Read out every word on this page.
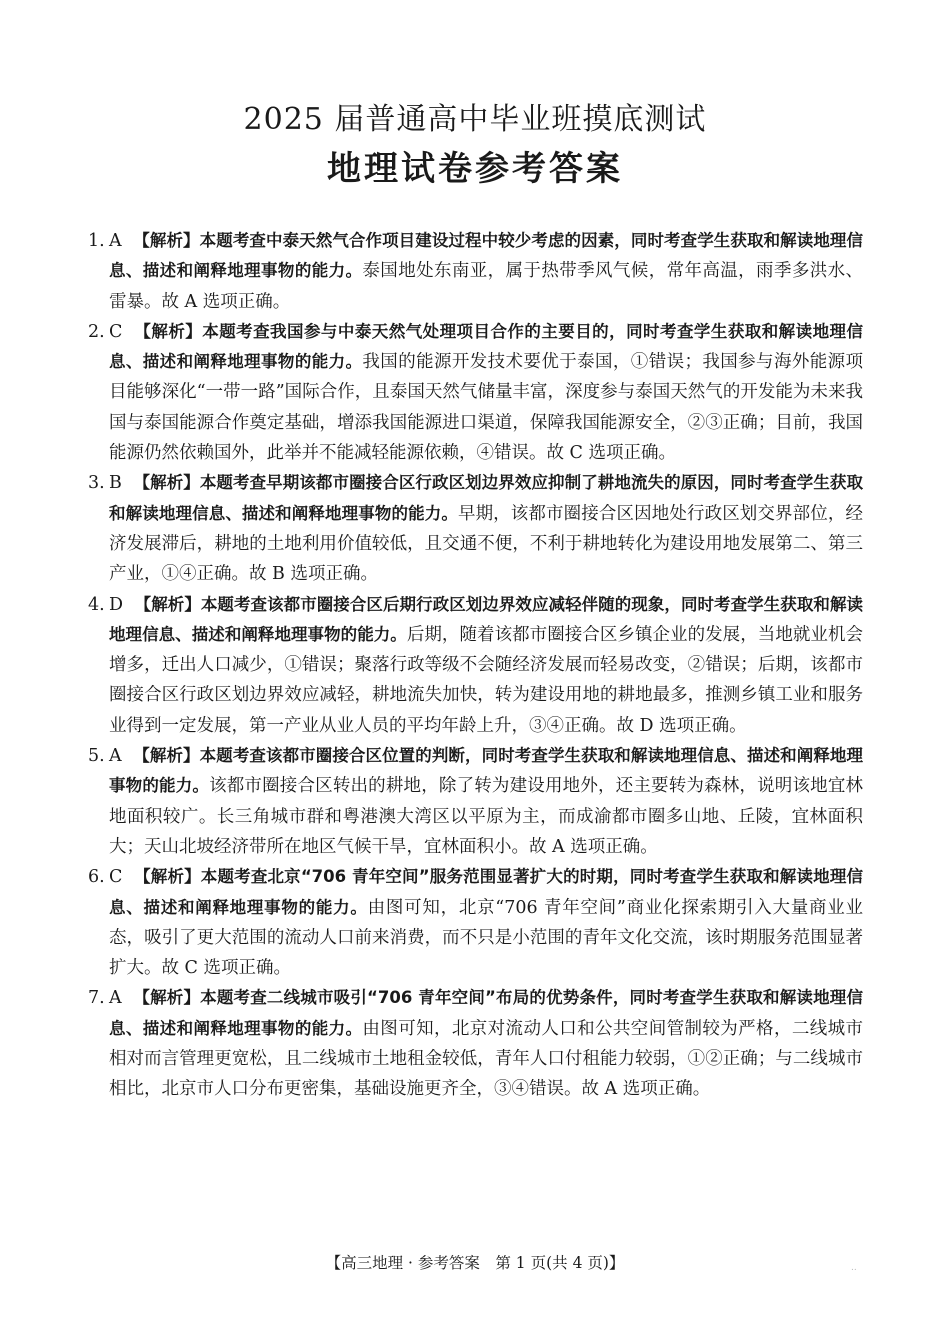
2025 届普通高中毕业班摸底测试
地理试卷参考答案
1. A 【解析】本题考查中泰天然气合作项目建设过程中较少考虑的因素，同时考查学生获取和解读地理信息、描述和阐释地理事物的能力。泰国地处东南亚，属于热带季风气候，常年高温，雨季多洪水、雷暴。故 A 选项正确。
2. C 【解析】本题考查我国参与中泰天然气处理项目合作的主要目的，同时考查学生获取和解读地理信息、描述和阐释地理事物的能力。我国的能源开发技术要优于泰国，①错误；我国参与海外能源项目能够深化“一带一路”国际合作，且泰国天然气储量丰富，深度参与泰国天然气的开发能为未来我国与泰国能源合作奠定基础，增添我国能源进口渠道，保障我国能源安全，②③正确；目前，我国能源仍然依赖国外，此举并不能减轻能源依赖，④错误。故 C 选项正确。
3. B 【解析】本题考查早期该都市圈接合区行政区划边界效应抑制了耕地流失的原因，同时考查学生获取和解读地理信息、描述和阐释地理事物的能力。早期，该都市圈接合区因地处行政区划交界部位，经济发展滞后，耕地的土地利用价值较低，且交通不便，不利于耕地转化为建设用地发展第二、第三产业，①④正确。故 B 选项正确。
4. D 【解析】本题考查该都市圈接合区后期行政区划边界效应减轻伴随的现象，同时考查学生获取和解读地理信息、描述和阐释地理事物的能力。后期，随着该都市圈接合区乡镇企业的发展，当地就业机会增多，迁出人口减少，①错误；聚落行政等级不会随经济发展而轻易改变，②错误；后期，该都市圈接合区行政区划边界效应减轻，耕地流失加快，转为建设用地的耕地最多，推测乡镇工业和服务业得到一定发展，第一产业从业人员的平均年龄上升，③④正确。故 D 选项正确。
5. A 【解析】本题考查该都市圈接合区位置的判断，同时考查学生获取和解读地理信息、描述和阐释地理事物的能力。该都市圈接合区转出的耕地，除了转为建设用地外，还主要转为森林，说明该地宜林地面积较广。长三角城市群和粤港澳大湾区以平原为主，而成渝都市圈多山地、丘陵，宜林面积大；天山北坡经济带所在地区气候干旱，宜林面积小。故 A 选项正确。
6. C 【解析】本题考查北京“706 青年空间”服务范围显著扩大的时期，同时考查学生获取和解读地理信息、描述和阐释地理事物的能力。由图可知，北京“706 青年空间”商业化探索期引入大量商业业态，吸引了更大范围的流动人口前来消费，而不只是小范围的青年文化交流，该时期服务范围显著扩大。故 C 选项正确。
7. A 【解析】本题考查二线城市吸引“706 青年空间”布局的优势条件，同时考查学生获取和解读地理信息、描述和阐释地理事物的能力。由图可知，北京对流动人口和公共空间管制较为严格，二线城市相对而言管理更宽松，且二线城市土地租金较低，青年人口付租能力较弱，①②正确；与二线城市相比，北京市人口分布更密集，基础设施更齐全，③④错误。故 A 选项正确。
【高三地理 · 参考答案　第 1 页(共 4 页)】	..
